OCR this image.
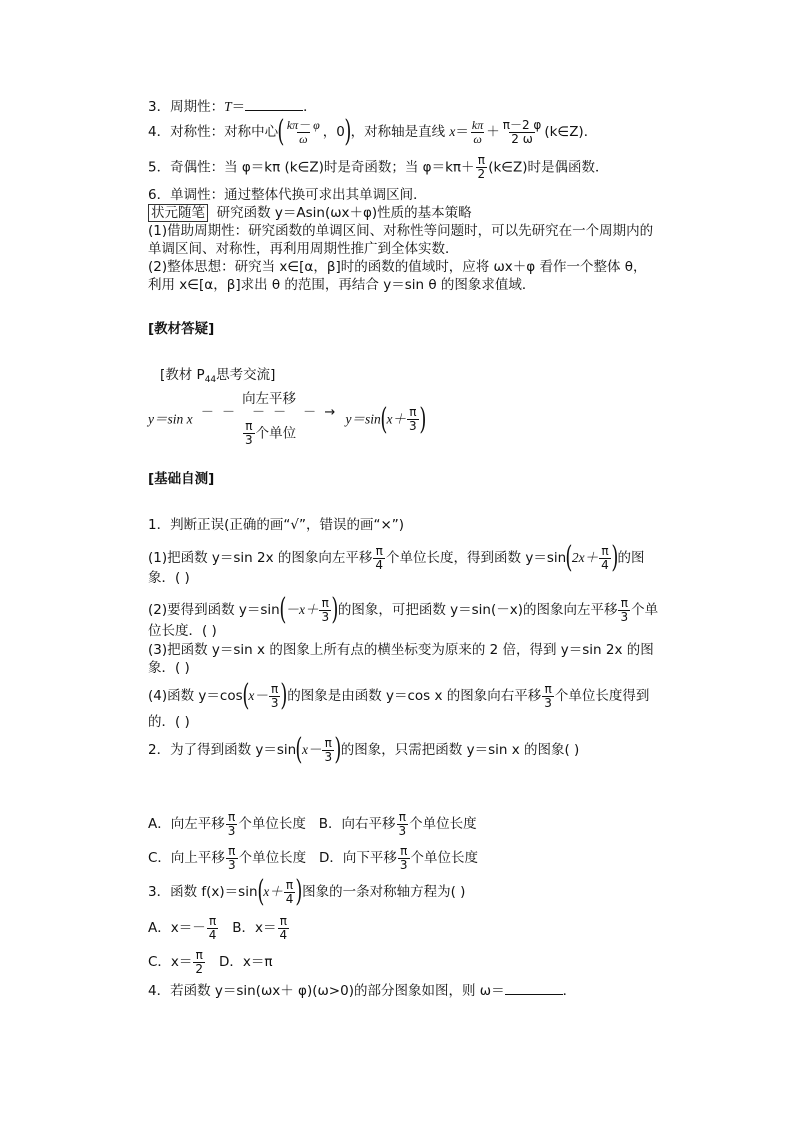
3．周期性：T＝	．
4．对称性：对称中心( $\frac{k\pi- \varphi}{\omega}$ ，0)，对称轴是直线 $x= \frac{k\pi}{\omega} + \frac{\pi-2 \varphi}{2 \omega}$ (k∈Z)．
5．奇偶性：当 φ＝kπ (k∈Z)时是奇函数；当 $\varphi=k\pi+ \frac{\pi}{2}$ (k∈Z)时是偶函数．
6．单调性：通过整体代换可求出其单调区间．
状元随笔 研究函数 y＝Asin(ωx＋φ)性质的基本策略
(1)借助周期性：研究函数的单调区间、对称性等问题时，可以先研究在一个周期内的
单调区间、对称性，再利用周期性推广到全体实数．
(2)整体思想：研究当 x∈[α，β]时的函数的值域时，应将 ωx＋φ 看作一个整体 θ，
利用 x∈[α，β]求出 θ 的范围，再结合 y＝sin θ 的图象求值域．
[教材答疑]
[教材 $P_{44}$思考交流]
y＝sin x
向左平移
－ －　－ －　－ →
$\frac{\pi}{3}$ 个单位
$y=\sin(x+ \frac{\pi}{3}$ )
[基础自测]
1．判断正误(正确的画“√”，错误的画“×”)
(1)把函数 y＝sin 2x 的图象向左平移 $\frac{\pi}{4}$ 个单位长度，得到函数 $y=\sin(2x+ \frac{\pi}{4}$ )的图
象．( )
(2)要得到函数 $y=\sin(-x+ \frac{\pi}{3}$ )的图象，可把函数 y＝sin(－x)的图象向左平移 $\frac{\pi}{3}$ 个单
位长度．( )
(3)把函数 y＝sin x 的图象上所有点的横坐标变为原来的 2 倍，得到 y＝sin 2x 的图
象．( )
(4)函数 $y=\cos(x- \frac{\pi}{3}$ )的图象是由函数 y＝cos x 的图象向右平移 $\frac{\pi}{3}$ 个单位长度得到
的．( )
2．为了得到函数 $y=\sin(x- \frac{\pi}{3}$ )的图象，只需把函数 y＝sin x 的图象( )
A．向左平移 $\frac{\pi}{3}$ 个单位长度 B．向右平移 $\frac{\pi}{3}$ 个单位长度
C．向上平移 $\frac{\pi}{3}$ 个单位长度 D．向下平移 $\frac{\pi}{3}$ 个单位长度
3．函数 $f(x)=\sin(x+ \frac{\pi}{4}$ )图象的一条对称轴方程为( )
A．$x=- \frac{\pi}{4}$ B．$x= \frac{\pi}{4}$
C．$x= \frac{\pi}{2}$ D．x＝π
4．若函数 y＝sin(ωx＋ φ)(ω>0)的部分图象如图，则 ω＝	．
